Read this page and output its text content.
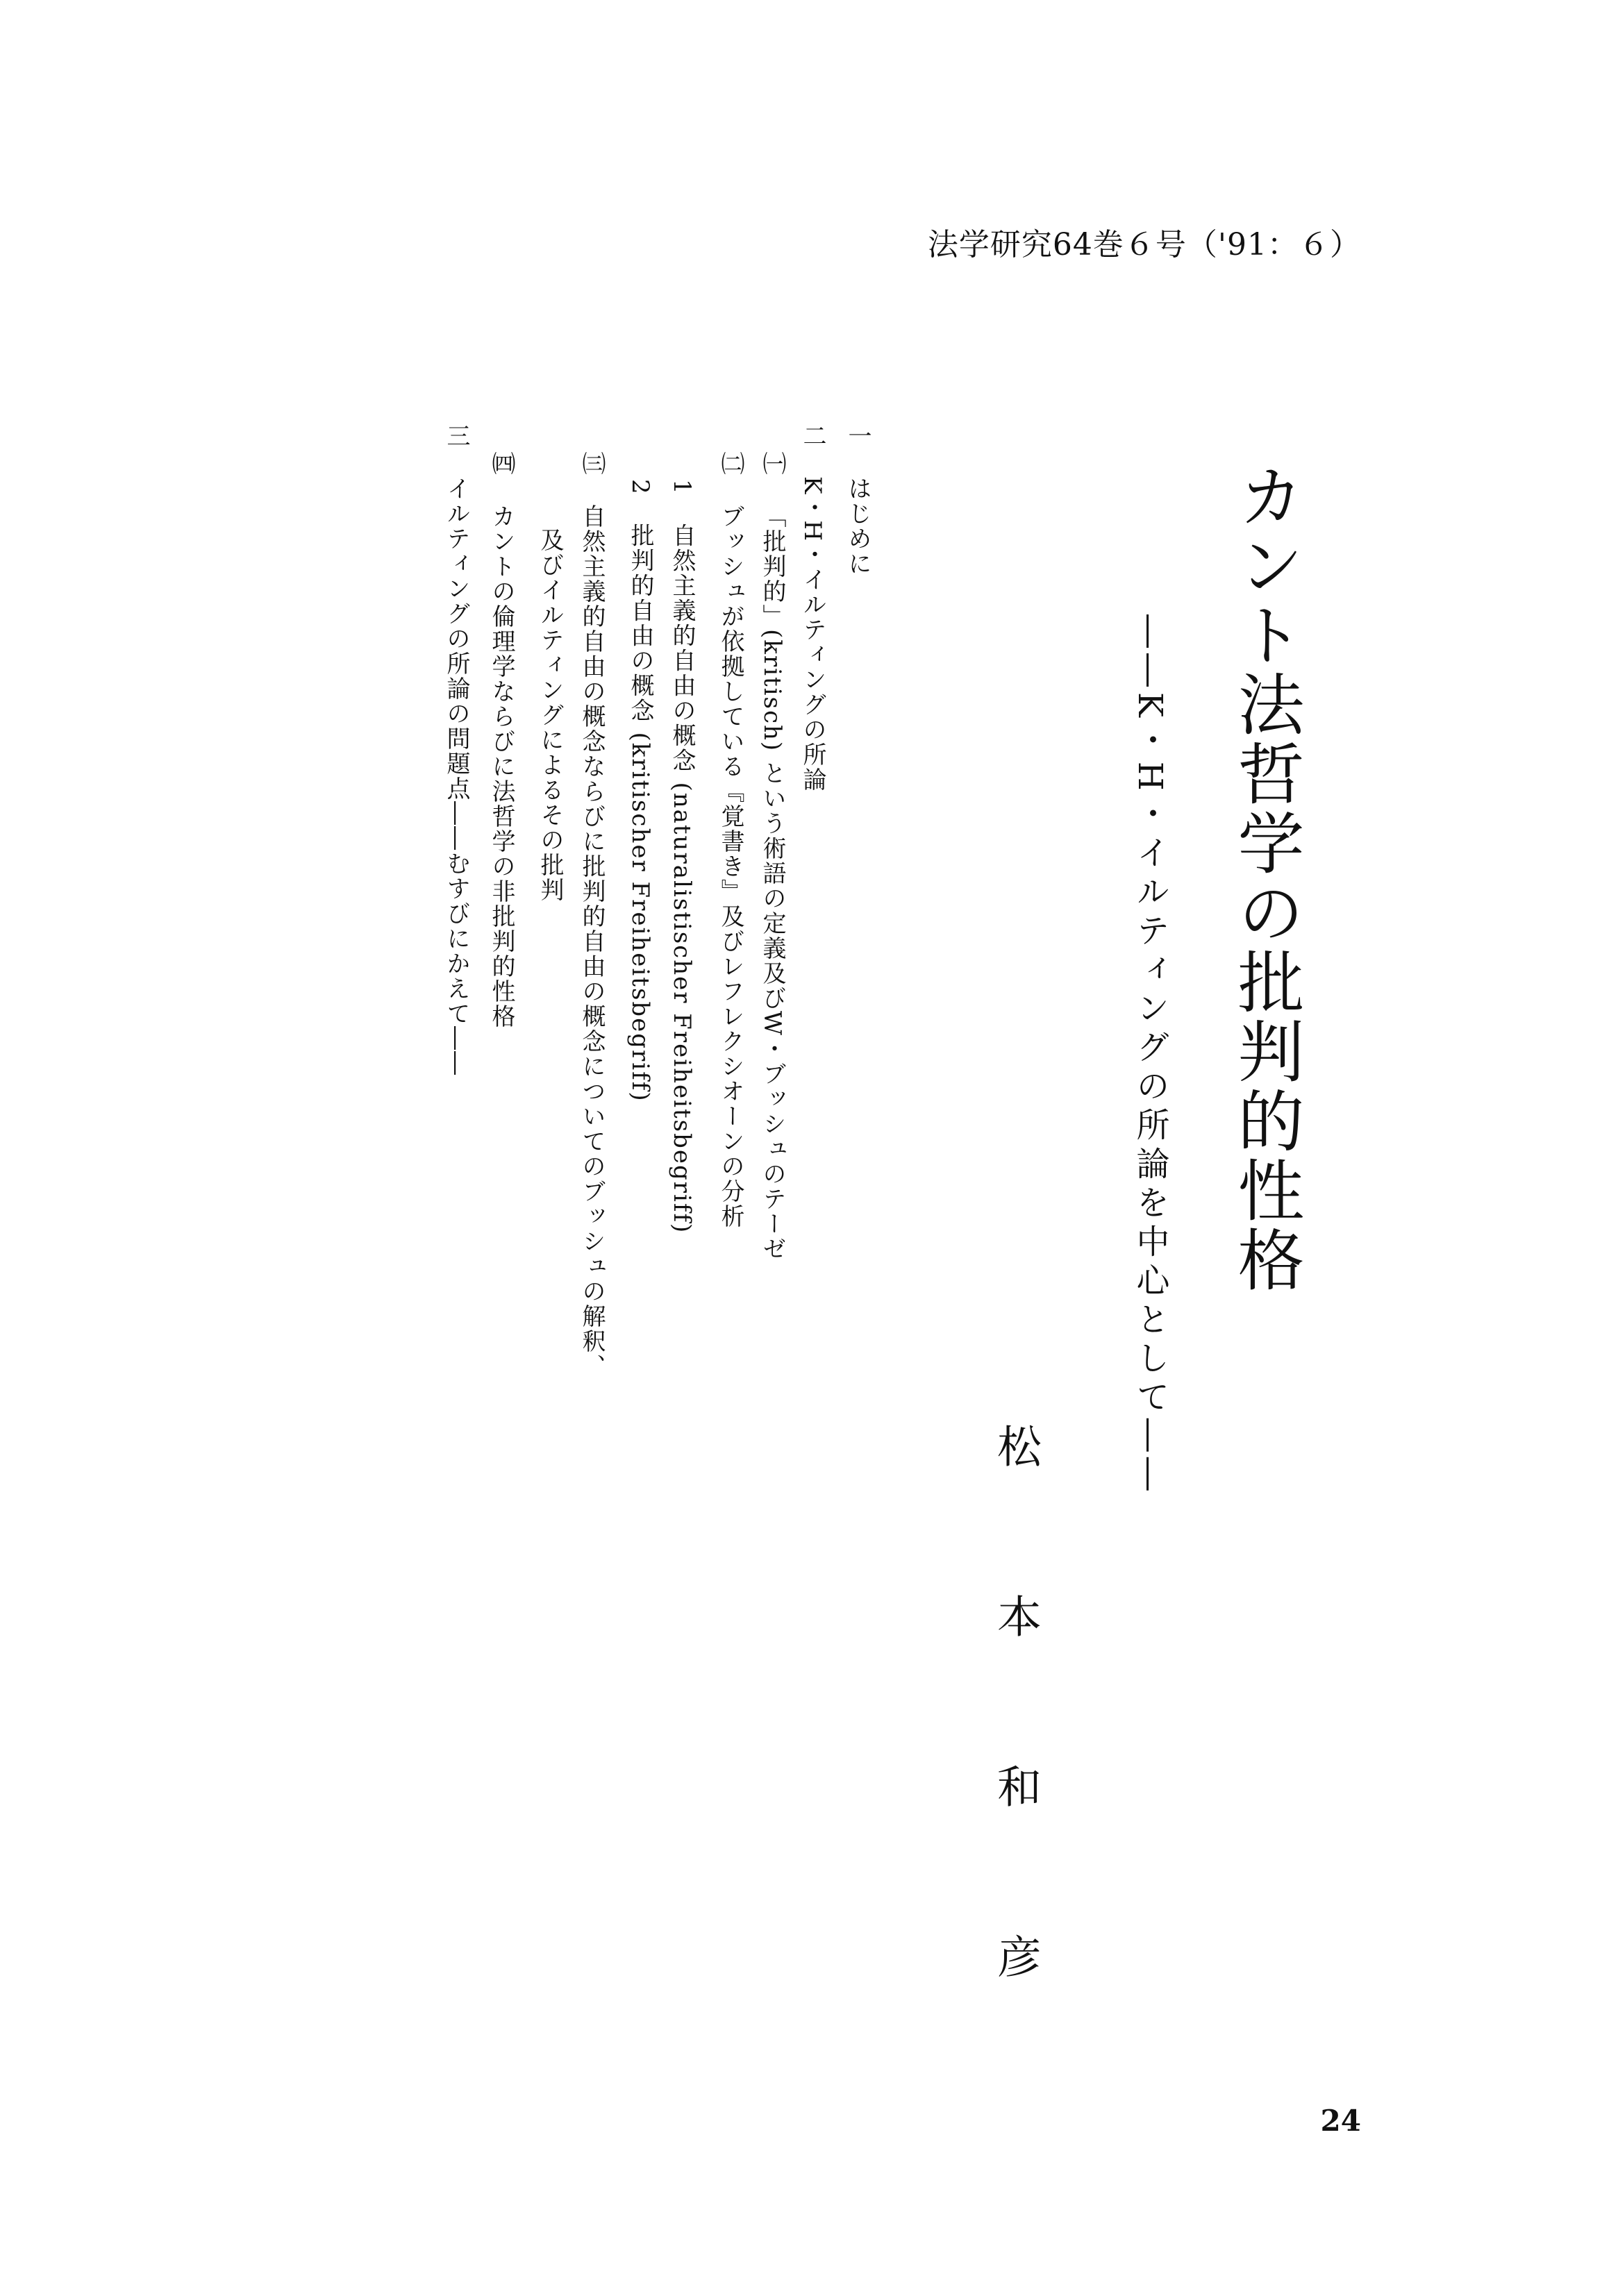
法学研究64巻６号（'91：６）
カント法哲学の批判的性格
――K・H・イルティングの所論を中心として――
松
本
和
彦
一はじめに
二K・H・イルティングの所論
㈠「批判的」(kritisch) という術語の定義及びW・ブッシュのテーゼ
㈡ブッシュが依拠している『覚書き』及びレフレクシオーンの分析
1自然主義的自由の概念 (naturalistischer Freiheitsbegriff)
2批判的自由の概念 (kritischer Freiheitsbegriff)
㈢自然主義的自由の概念ならびに批判的自由の概念についてのブッシュの解釈、
及びイルティングによるその批判
㈣カントの倫理学ならびに法哲学の非批判的性格
三イルティングの所論の問題点――むすびにかえて――
24
